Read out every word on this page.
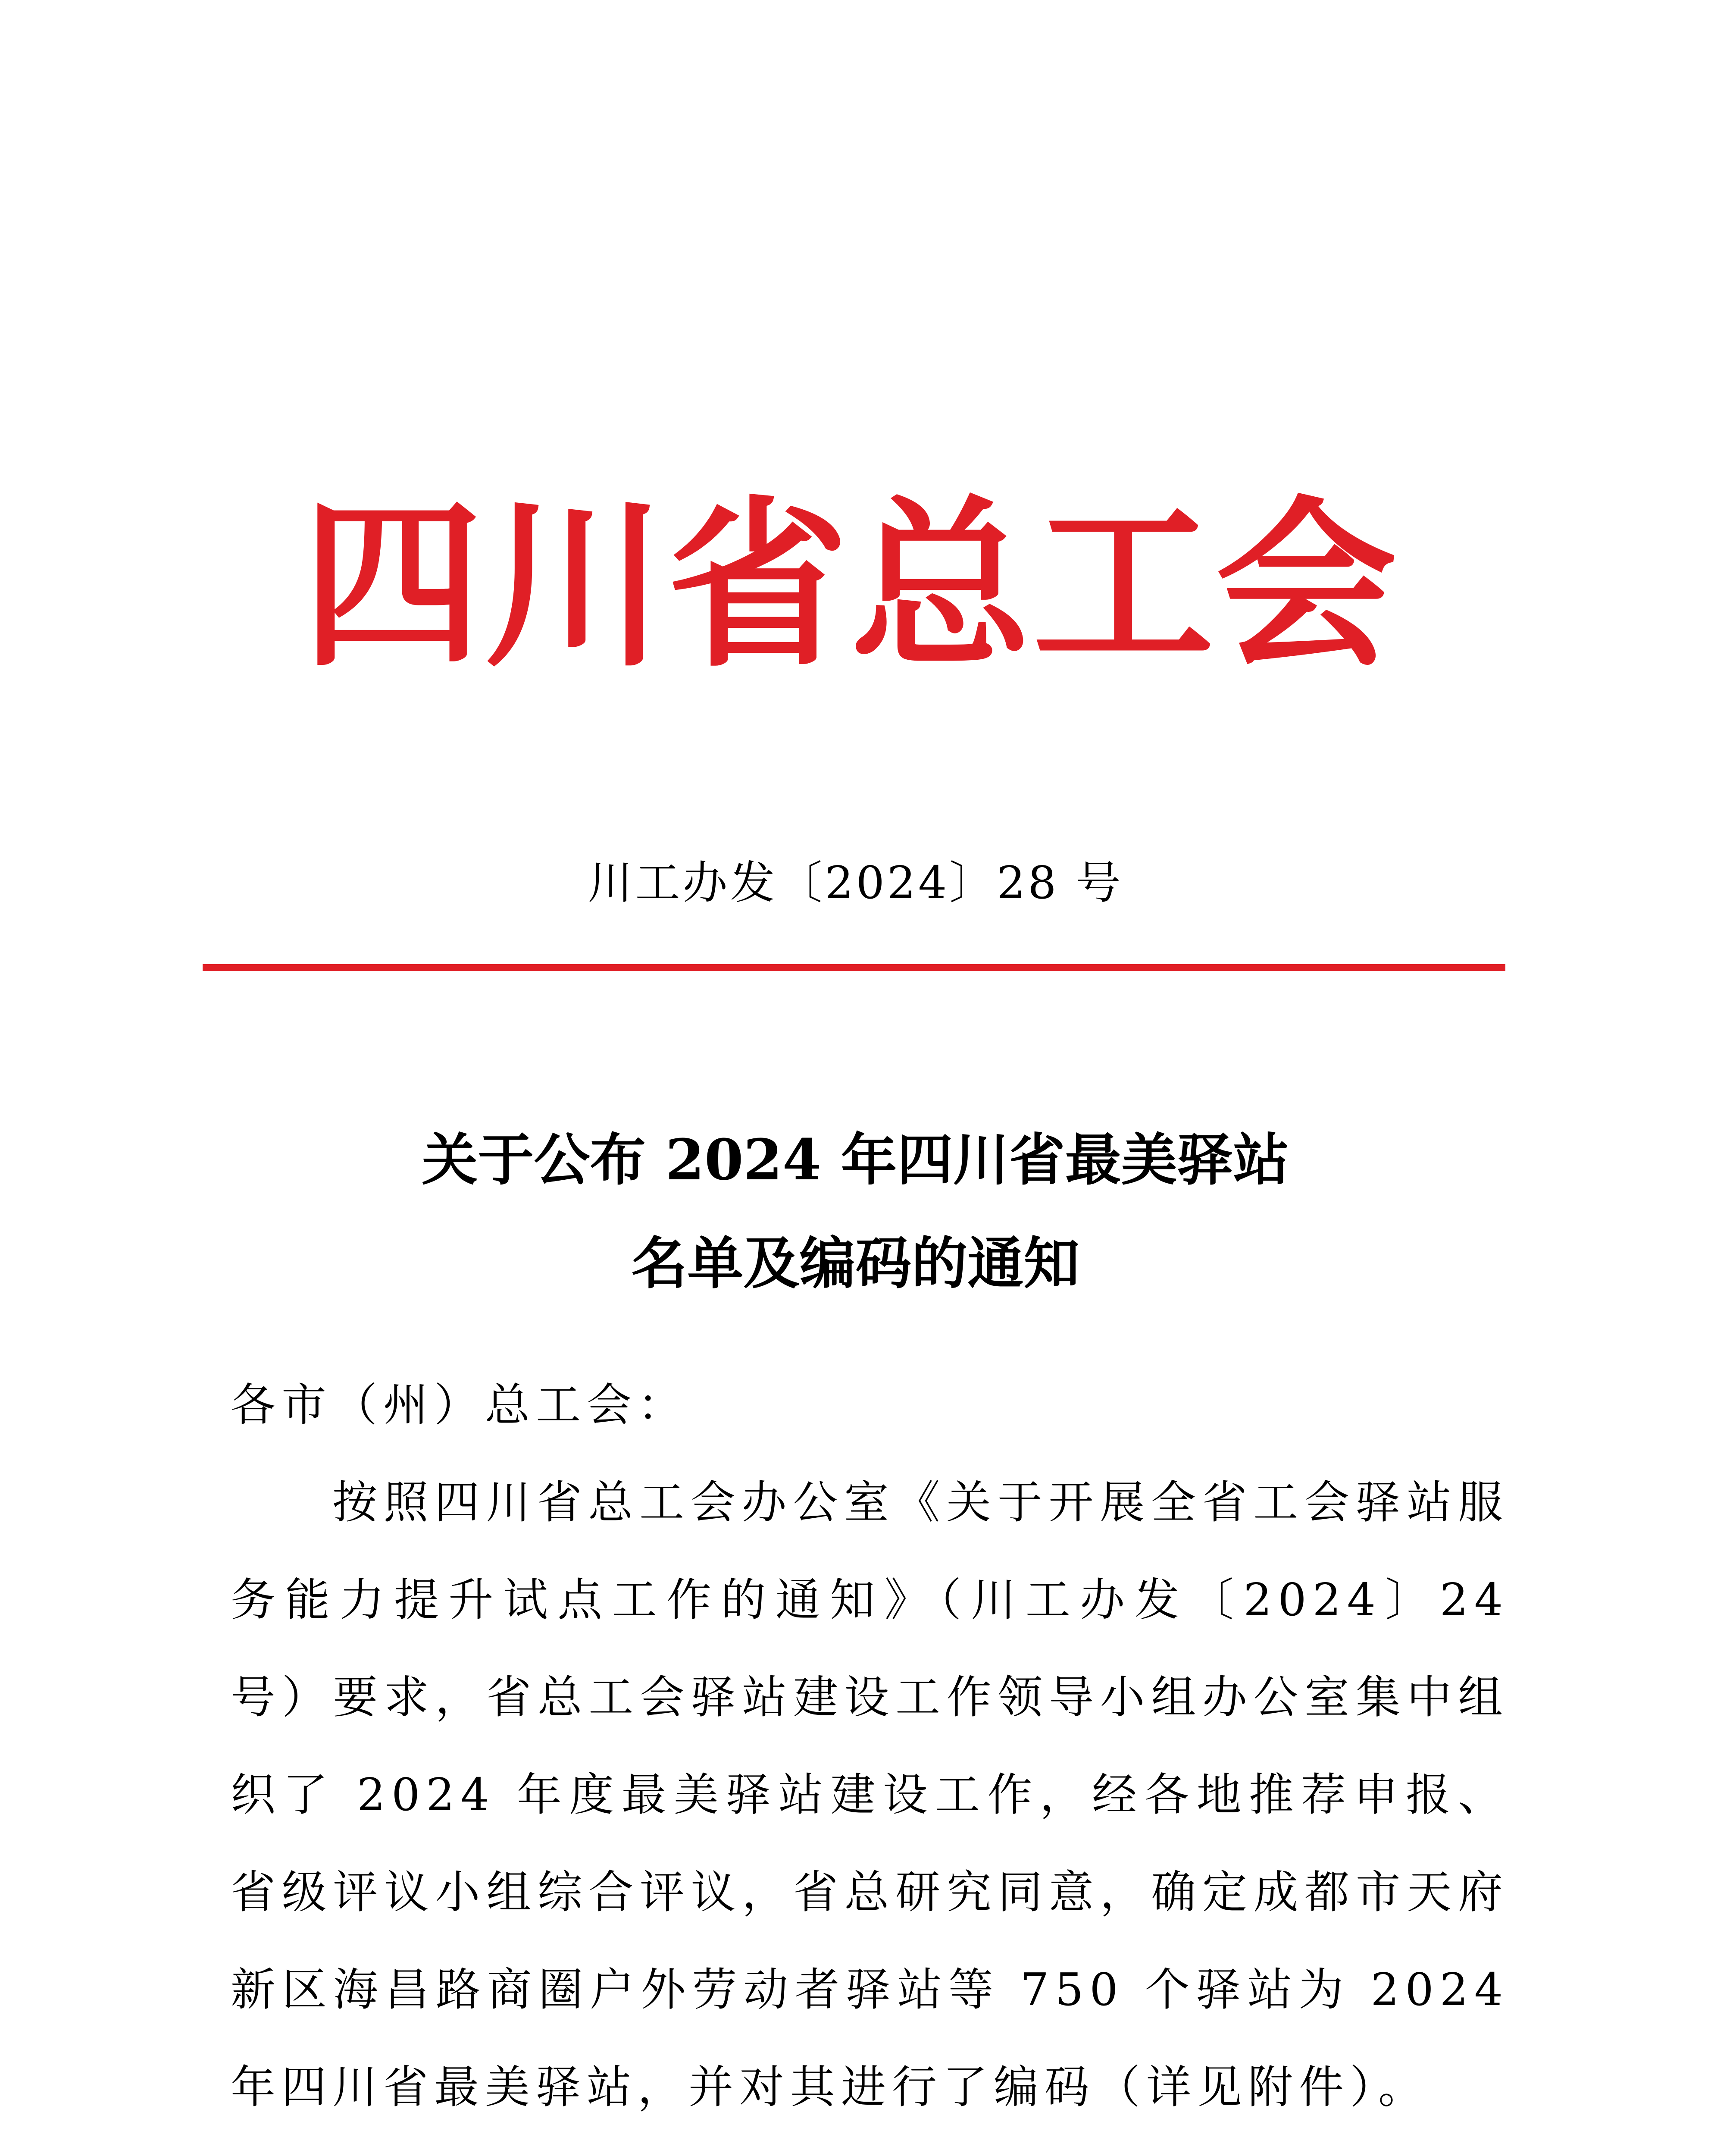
四 川 省 总 工 会
川工办发〔2024〕28 号
关于公布 2024 年四川省最美驿站
名单及编码的通知

各市（州）总工会：

按照四川省总工会办公室《关于开展全省工会驿站服务能力提升试点工作的通知》（川工办发〔2024〕24 号）要求，省总工会驿站建设工作领导小组办公室集中组织了 2024 年度最美驿站建设工作，经各地推荐申报、省级评议小组综合评议，省总研究同意，确定成都市天府新区海昌路商圈户外劳动者驿站等 750 个驿站为 2024 年四川省最美驿站，并对其进行了编码（详见附件）。
